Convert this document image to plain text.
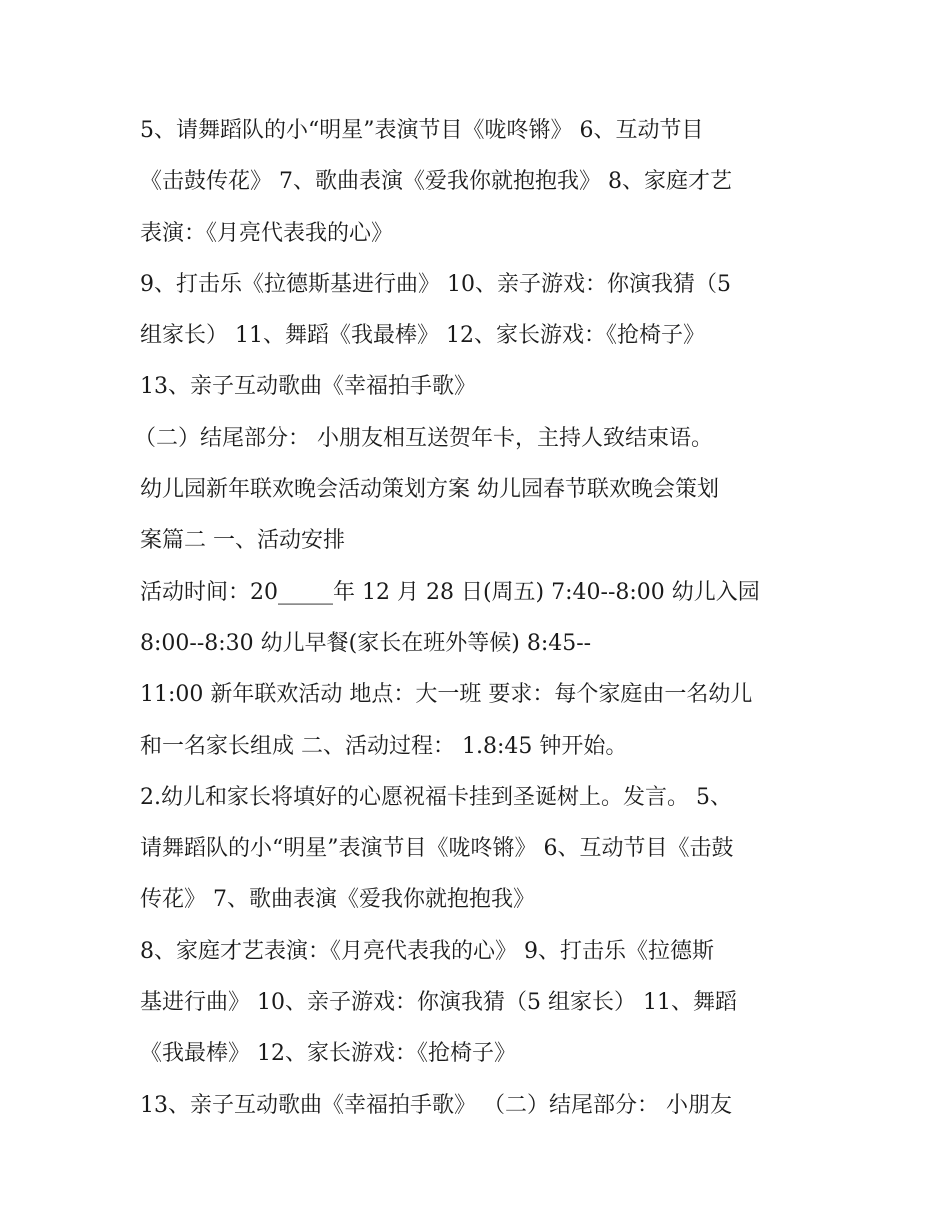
5、请舞蹈队的小“明星”表演节目《咙咚锵》 6、互动节目
《击鼓传花》 7、歌曲表演《爱我你就抱抱我》 8、家庭才艺
表演：《月亮代表我的心》
9、打击乐《拉德斯基进行曲》 10、亲子游戏：你演我猜（5
组家长） 11、舞蹈《我最棒》 12、家长游戏：《抢椅子》
13、亲子互动歌曲《幸福拍手歌》
（二）结尾部分： 小朋友相互送贺年卡，主持人致结束语。
幼儿园新年联欢晚会活动策划方案 幼儿园春节联欢晚会策划
案篇二 一、活动安排
活动时间：20_____年 12 月 28 日(周五) 7:40--8:00 幼儿入园
8:00--8:30 幼儿早餐(家长在班外等候) 8:45--
11:00 新年联欢活动 地点：大一班 要求：每个家庭由一名幼儿
和一名家长组成 二、活动过程： 1.8:45 钟开始。
2.幼儿和家长将填好的心愿祝福卡挂到圣诞树上。发言。 5、
请舞蹈队的小“明星”表演节目《咙咚锵》 6、互动节目《击鼓
传花》 7、歌曲表演《爱我你就抱抱我》
8、家庭才艺表演：《月亮代表我的心》 9、打击乐《拉德斯
基进行曲》 10、亲子游戏：你演我猜（5 组家长） 11、舞蹈
《我最棒》 12、家长游戏：《抢椅子》
13、亲子互动歌曲《幸福拍手歌》 （二）结尾部分： 小朋友
